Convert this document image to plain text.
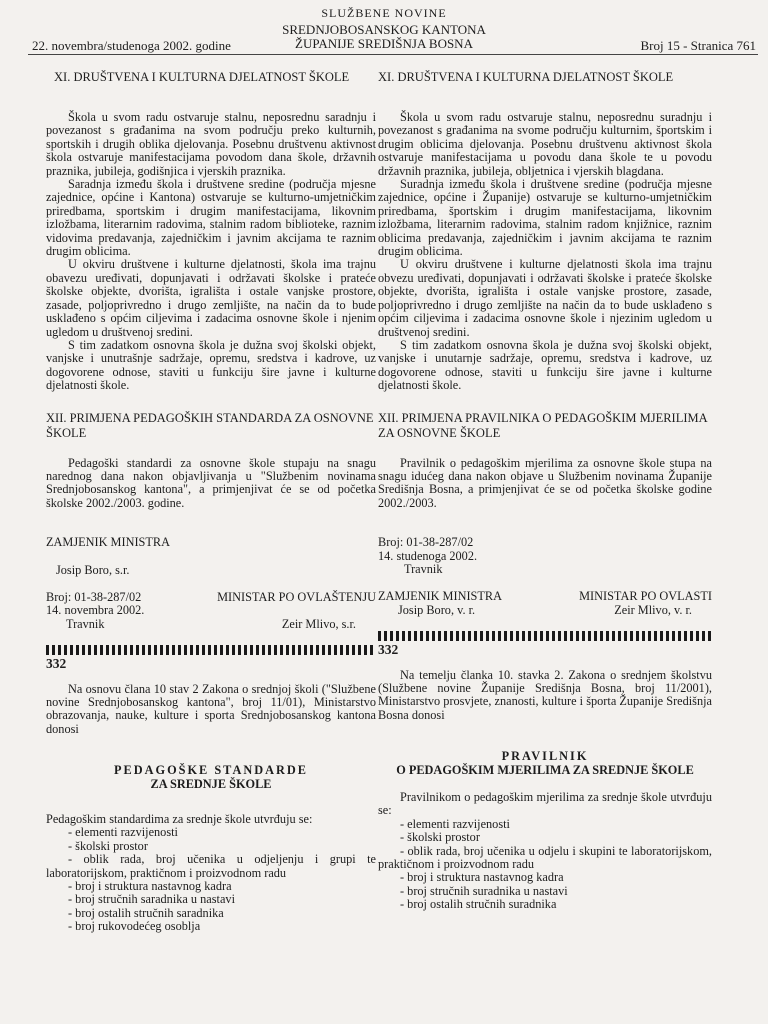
SLUŽBENE NOVINE
SREDNJOBOSANSKOG KANTONA
ŽUPANIJE SREDIŠNJA BOSNA
22. novembra/studenoga 2002. godine	Broj 15 - Stranica 761
XI. DRUŠTVENA I KULTURNA DJELATNOST ŠKOLE

Škola u svom radu ostvaruje stalnu, neposrednu saradnju i povezanost s građanima na svom području preko kulturnih, sportskih i drugih oblika djelovanja. Posebnu društvenu aktivnost škola ostvaruje manifestacijama povodom dana škole, državnih praznika, jubileja, godišnjica i vjerskih praznika.

Saradnja između škola i društvene sredine (područja mjesne zajednice, općine i Kantona) ostvaruje se kulturno-umjetničkim priredbama, sportskim i drugim manifestacijama, likovnim izložbama, literarnim radovima, stalnim radom biblioteke, raznim vidovima predavanja, zajedničkim i javnim akcijama te raznim drugim oblicima.

U okviru društvene i kulturne djelatnosti, škola ima trajnu obavezu uređivati, dopunjavati i održavati školske i prateće školske objekte, dvorišta, igrališta i ostale vanjske prostore, zasade, poljoprivredno i drugo zemljište, na način da to bude usklađeno s općim ciljevima i zadacima osnovne škole i njenim ugledom u društvenoj sredini.

S tim zadatkom osnovna škola je dužna svoj školski objekt, vanjske i unutrašnje sadržaje, opremu, sredstva i kadrove, uz dogovorene odnose, staviti u funkciju šire javne i kulturne djelatnosti škole.

XII. PRIMJENA PEDAGOŠKIH STANDARDA ZA OSNOVNE ŠKOLE

Pedagoški standardi za osnovne škole stupaju na snagu narednog dana nakon objavljivanja u "Službenim novinama Srednjobosanskog kantona", a primjenjivat će se od početka školske 2002./2003. godine.

ZAMJENIK MINISTRA

Josip Boro, s.r.

Broj: 01-38-287/02	MINISTAR PO OVLAŠTENJU

14. novembra 2002.

Travnik	Zeir Mlivo, s.r.
332

Na osnovu člana 10 stav 2 Zakona o srednjoj školi ("Službene novine Srednjobosanskog kantona", broj 11/01), Ministarstvo obrazovanja, nauke, kulture i sporta Srednjobosanskog kantona donosi

PEDAGOŠKE STANDARDE

ZA SREDNJE ŠKOLE

Pedagoškim standardima za srednje škole utvrđuju se:

- elementi razvijenosti

- školski prostor

- oblik rada, broj učenika u odjeljenju i grupi te laboratorijskom, praktičnom i proizvodnom radu

- broj i struktura nastavnog kadra

- broj stručnih saradnika u nastavi

- broj ostalih stručnih saradnika

- broj rukovodećeg osoblja

XI. DRUŠTVENA I KULTURNA DJELATNOST ŠKOLE

Škola u svom radu ostvaruje stalnu, neposrednu suradnju i povezanost s građanima na svome području kulturnim, športskim i drugim oblicima djelovanja. Posebnu društvenu aktivnost škola ostvaruje manifestacijama u povodu dana škole te u povodu državnih praznika, jubileja, obljetnica i vjerskih blagdana.

Suradnja između škola i društvene sredine (područja mjesne zajednice, općine i Županije) ostvaruje se kulturno-umjetničkim priredbama, športskim i drugim manifestacijama, likovnim izložbama, literarnim radovima, stalnim radom knjižnice, raznim oblicima predavanja, zajedničkim i javnim akcijama te raznim drugim oblicima.

U okviru društvene i kulturne djelatnosti škola ima trajnu obvezu uređivati, dopunjavati i održavati školske i prateće školske objekte, dvorišta, igrališta i ostale vanjske prostore, zasade, poljoprivredno i drugo zemljište na način da to bude usklađeno s općim ciljevima i zadacima osnovne škole i njezinim ugledom u društvenoj sredini.

S tim zadatkom osnovna škola je dužna svoj školski objekt, vanjske i unutarnje sadržaje, opremu, sredstva i kadrove, uz dogovorene odnose, staviti u funkciju šire javne i kulturne djelatnosti škole.

XII. PRIMJENA PRAVILNIKA O PEDAGOŠKIM MJERILIMA ZA OSNOVNE ŠKOLE

Pravilnik o pedagoškim mjerilima za osnovne škole stupa na snagu idućeg dana nakon objave u Službenim novinama Županije Središnja Bosna, a primjenjivat će se od početka školske godine 2002./2003.

Broj: 01-38-287/02

14. studenoga 2002.

Travnik

ZAMJENIK MINISTRA	MINISTAR PO OVLASTI
Josip Boro, v. r.	Zeir Mlivo, v. r.
332

Na temelju članka 10. stavka 2. Zakona o srednjem školstvu (Službene novine Županije Središnja Bosna, broj 11/2001), Ministarstvo prosvjete, znanosti, kulture i športa Županije Središnja Bosna donosi

PRAVILNIK

O PEDAGOŠKIM MJERILIMA ZA SREDNJE ŠKOLE

Pravilnikom o pedagoškim mjerilima za srednje škole utvrđuju se:

- elementi razvijenosti

- školski prostor

- oblik rada, broj učenika u odjelu i skupini te laboratorijskom, praktičnom i proizvodnom radu

- broj i struktura nastavnog kadra

- broj stručnih suradnika u nastavi

- broj ostalih stručnih suradnika
